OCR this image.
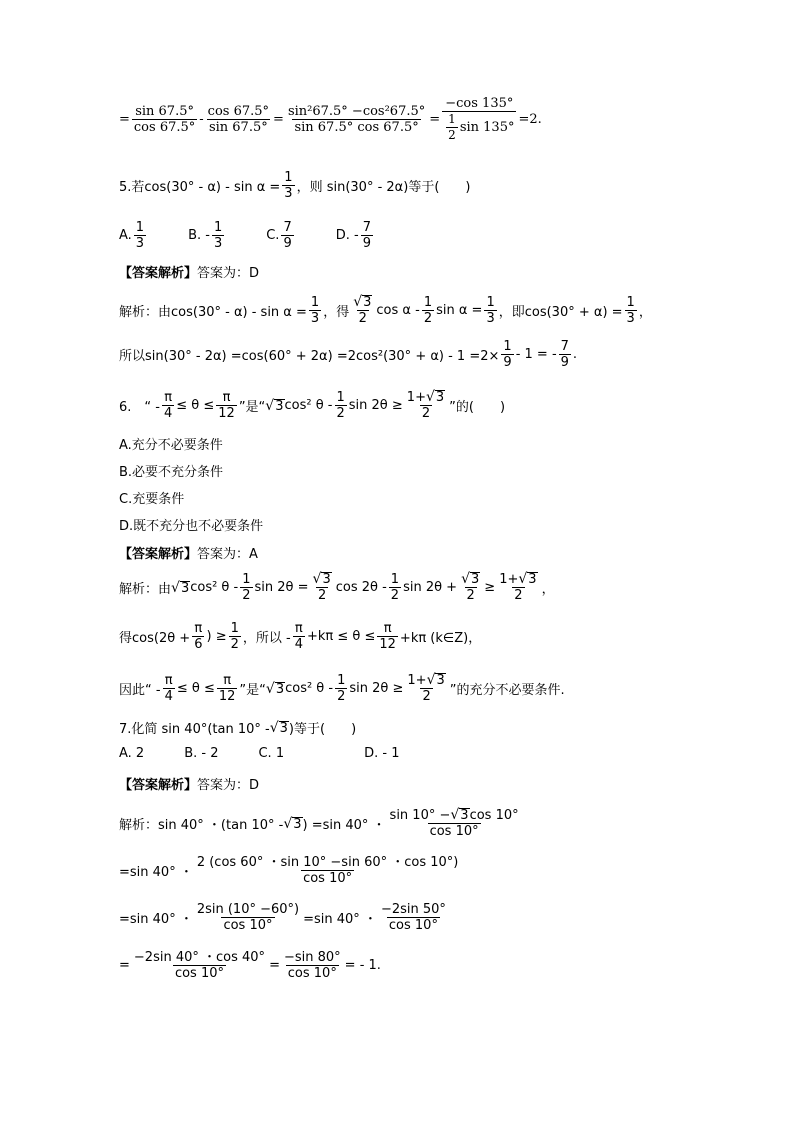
= $\frac{\sin 67.5^\circ}{\cos 67.5^\circ} - \frac{\cos 67.5^\circ}{\sin 67.5^\circ} = \frac{\text{sin²67.5° −cos²67.5°}}{\sin 67.5^\circ \cos 67.5^\circ} = \frac{-\cos 135^\circ}{\frac{1}{2} \sin 135^\circ} =2$.
5.若$\cos(30^\circ - \alpha) - \sin \alpha = \frac{1}{3}$ ，则 sin(30° - 2α)等于(　　)
A. $\frac{1}{3}$	B. - $\frac{1}{3}$	C. $\frac{7}{9}$	D. - $\frac{7}{9}$
【答案解析】 答案为：D
解析：由$\cos(30^\circ - \alpha) - \sin \alpha = \frac{1}{3}$ ，得 $\frac{√ 3}{2}$ cos α - $\frac{1}{2}$ $\sin \alpha = \frac{1}{3}$ ，即$\cos(30^\circ + \alpha) = \frac{1}{3}$ ，
所以$\sin(30^\circ - 2\alpha) =\cos(60^\circ + 2\alpha) =2\cos^2(30^\circ + \alpha) - 1 =2\times \frac{1}{9} - 1$ = - $\frac{7}{9}$ .
6.　“ - $\frac{\pi}{4} \le \theta \le \frac{\pi}{12}$ ”是“ √ 3 cos² θ - $\frac{1}{2}$ $\sin 2\theta \ge \frac{1+ √ 3}{2}$ ”的(　　)
A.充分不必要条件
B.必要不充分条件
C.充要条件
D.既不充分也不必要条件
【答案解析】 答案为：A
解析：由 √ 3 cos² θ - $\frac{1}{2}$ $\sin 2\theta = \frac{√ 3}{2}$ $\cos 2\theta - \frac{1}{2}$ $\sin 2\theta + \frac{√ 3}{2} \ge \frac{1+ √ 3}{2}$ ，
得$\cos(2\theta + \frac{\pi}{6}$ ) ≥ $\frac{1}{2}$ ，所以 - $\frac{\pi}{4} +k\pi \le \theta \le \frac{\pi}{12} +k\pi$ (k∈Z)，
因此“ - $\frac{\pi}{4} \le \theta \le \frac{\pi}{12}$ ”是“ √ 3 cos² θ - $\frac{1}{2}$ $\sin 2\theta \ge \frac{1+ √ 3}{2}$ ”的充分不必要条件.
7.化简 sin 40°(tan 10° - √ 3 )等于(　　)
A. 2	B. - 2	C. 1	D. - 1
【答案解析】 答案为：D
解析：sin 40° ・(tan 10° - √ 3 ) =sin 40° ・ $\frac{\sin 10^\circ - √ 3 \cos 10^\circ}{\cos 10^\circ}$
=sin 40° ・ $\frac{2 (\cos 60^\circ ・\sin 10^\circ -\sin 60^\circ ・\cos 10^\circ)}{\cos 10^\circ}$
=sin 40° ・ $\frac{2\sin (10^\circ -60^\circ)}{\cos 10^\circ} =\sin$ 40° ・ $\frac{-2\sin 50^\circ}{\cos 10^\circ}$
= $\frac{-2\sin 40^\circ ・\cos 40^\circ}{\cos 10^\circ} = \frac{-\sin 80^\circ}{\cos 10^\circ}$ = - 1.
